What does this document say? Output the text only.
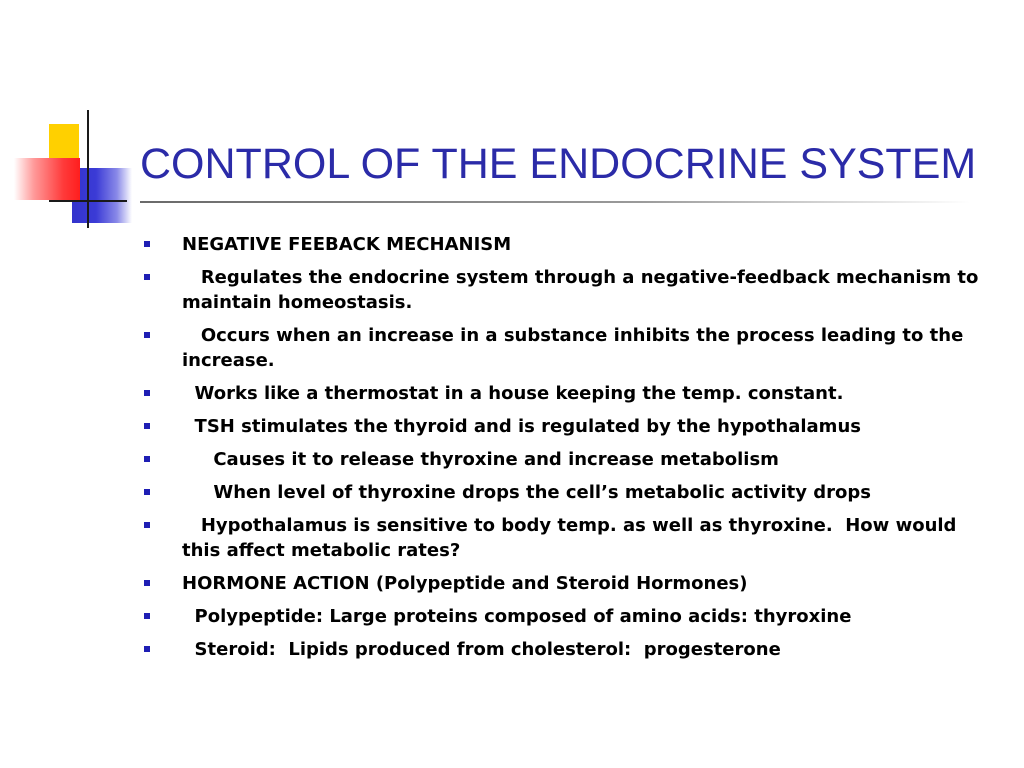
CONTROL OF THE ENDOCRINE SYSTEM
NEGATIVE FEEBACK MECHANISM
Regulates the endocrine system through a negative-feedback mechanism to maintain homeostasis.
Occurs when an increase in a substance inhibits the process leading to the increase.
Works like a thermostat in a house keeping the temp. constant.
TSH stimulates the thyroid and is regulated by the hypothalamus
Causes it to release thyroxine and increase metabolism
When level of thyroxine drops the cell’s metabolic activity drops
Hypothalamus is sensitive to body temp. as well as thyroxine.  How would this affect metabolic rates?
HORMONE ACTION (Polypeptide and Steroid Hormones)
Polypeptide: Large proteins composed of amino acids: thyroxine
Steroid:  Lipids produced from cholesterol:  progesterone
